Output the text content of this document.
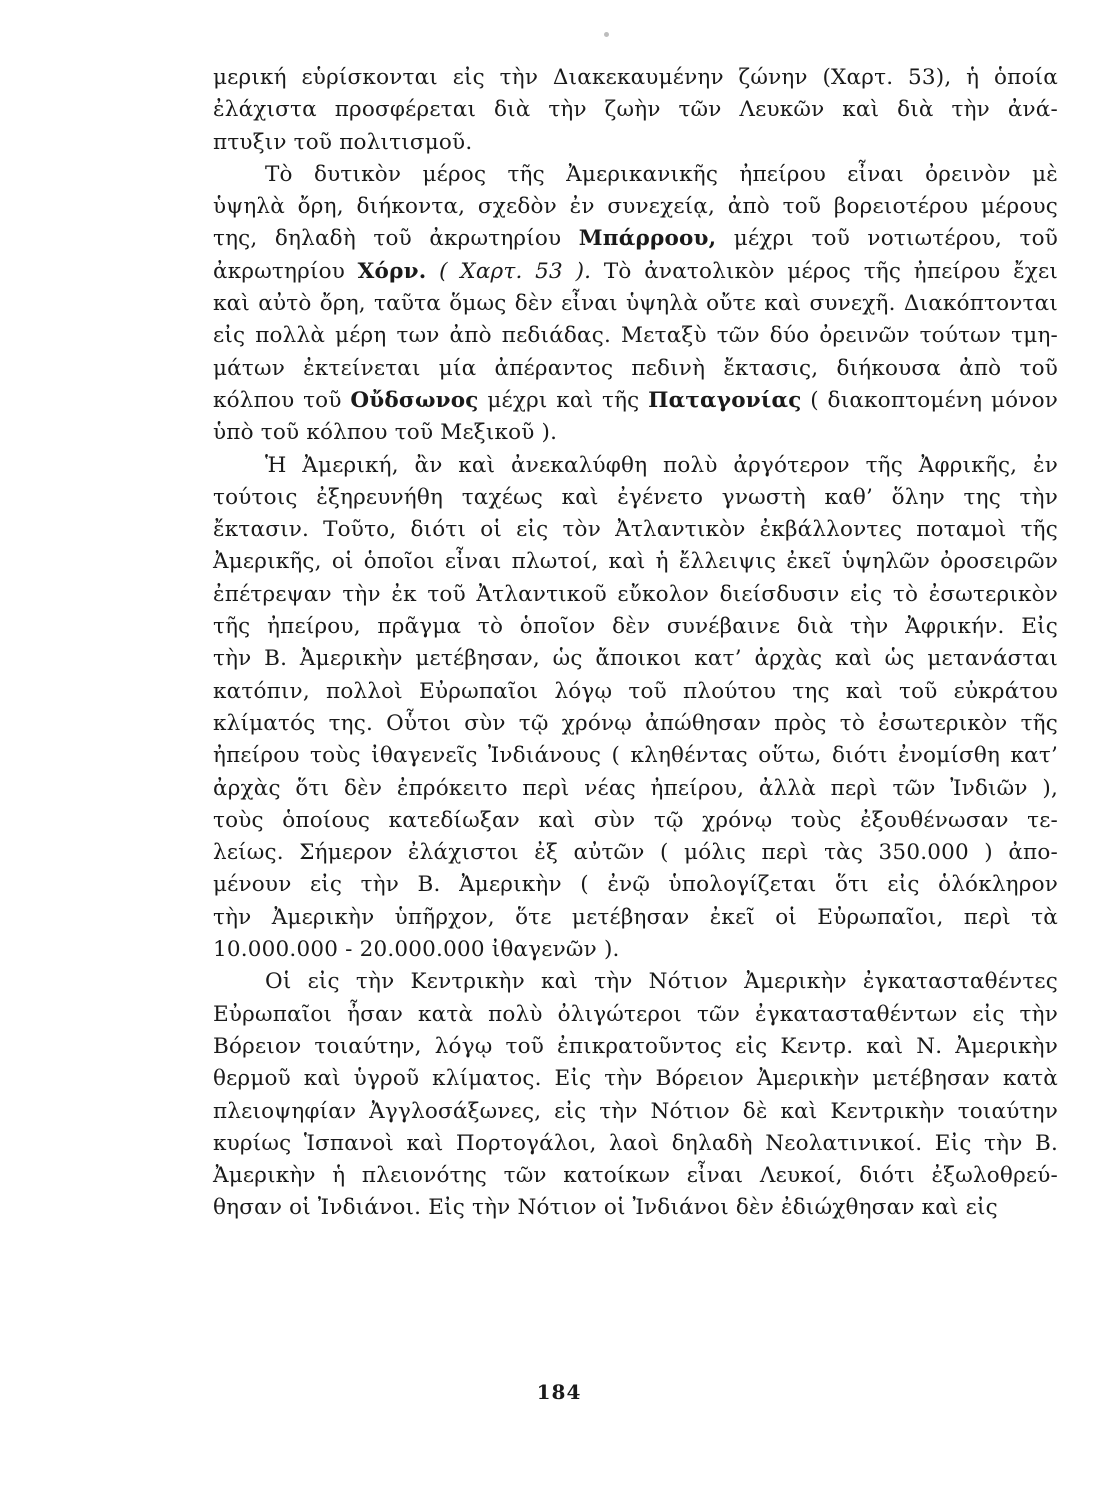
μερική εὑρίσκονται εἰς τὴν Διακεκαυμένην ζώνην (Χαρτ. 53), ἡ ὁποία
ἐλάχιστα προσφέρεται διὰ τὴν ζωὴν τῶν Λευκῶν καὶ διὰ τὴν ἀνά-
πτυξιν τοῦ πολιτισμοῦ.
Τὸ δυτικὸν μέρος τῆς Ἀμερικανικῆς ἠπείρου εἶναι ὀρεινὸν μὲ
ὑψηλὰ ὄρη, διήκοντα, σχεδὸν ἐν συνεχείᾳ, ἀπὸ τοῦ βορειοτέρου μέρους
της, δηλαδὴ τοῦ ἀκρωτηρίου Μπάρροου, μέχρι τοῦ νοτιωτέρου, τοῦ
ἀκρωτηρίου Χόρν. ( Χαρτ. 53 ). Τὸ ἀνατολικὸν μέρος τῆς ἠπείρου ἔχει
καὶ αὐτὸ ὄρη, ταῦτα ὅμως δὲν εἶναι ὑψηλὰ οὔτε καὶ συνεχῆ. Διακόπτονται
εἰς πολλὰ μέρη των ἀπὸ πεδιάδας. Μεταξὺ τῶν δύο ὀρεινῶν τούτων τμη-
μάτων ἐκτείνεται μία ἀπέραντος πεδινὴ ἔκτασις, διήκουσα ἀπὸ τοῦ
κόλπου τοῦ Οὔδσωνος μέχρι καὶ τῆς Παταγονίας ( διακοπτομένη μόνον
ὑπὸ τοῦ κόλπου τοῦ Μεξικοῦ ).
Ἡ Ἀμερική, ἂν καὶ ἀνεκαλύφθη πολὺ ἀργότερον τῆς Ἀφρικῆς, ἐν
τούτοις ἐξηρευνήθη ταχέως καὶ ἐγένετο γνωστὴ καθ’ ὅλην της τὴν
ἔκτασιν. Τοῦτο, διότι οἱ εἰς τὸν Ἀτλαντικὸν ἐκβάλλοντες ποταμοὶ τῆς
Ἀμερικῆς, οἱ ὁποῖοι εἶναι πλωτοί, καὶ ἡ ἔλλειψις ἐκεῖ ὑψηλῶν ὀροσειρῶν
ἐπέτρεψαν τὴν ἐκ τοῦ Ἀτλαντικοῦ εὔκολον διείσδυσιν εἰς τὸ ἐσωτερικὸν
τῆς ἠπείρου, πρᾶγμα τὸ ὁποῖον δὲν συνέβαινε διὰ τὴν Ἀφρικήν. Εἰς
τὴν Β. Ἀμερικὴν μετέβησαν, ὡς ἄποικοι κατ’ ἀρχὰς καὶ ὡς μετανάσται
κατόπιν, πολλοὶ Εὐρωπαῖοι λόγῳ τοῦ πλούτου της καὶ τοῦ εὐκράτου
κλίματός της. Οὗτοι σὺν τῷ χρόνῳ ἀπώθησαν πρὸς τὸ ἐσωτερικὸν τῆς
ἠπείρου τοὺς ἰθαγενεῖς Ἰνδιάνους ( κληθέντας οὕτω, διότι ἐνομίσθη κατ’
ἀρχὰς ὅτι δὲν ἐπρόκειτο περὶ νέας ἠπείρου, ἀλλὰ περὶ τῶν Ἰνδιῶν ),
τοὺς ὁποίους κατεδίωξαν καὶ σὺν τῷ χρόνῳ τοὺς ἐξουθένωσαν τε-
λείως. Σήμερον ἐλάχιστοι ἐξ αὐτῶν ( μόλις περὶ τὰς 350.000 ) ἀπο-
μένουν εἰς τὴν Β. Ἀμερικὴν ( ἐνῷ ὑπολογίζεται ὅτι εἰς ὁλόκληρον
τὴν Ἀμερικὴν ὑπῆρχον, ὅτε μετέβησαν ἐκεῖ οἱ Εὐρωπαῖοι, περὶ τὰ
10.000.000 - 20.000.000 ἰθαγενῶν ).
Οἱ εἰς τὴν Κεντρικὴν καὶ τὴν Νότιον Ἀμερικὴν ἐγκατασταθέντες
Εὐρωπαῖοι ἦσαν κατὰ πολὺ ὀλιγώτεροι τῶν ἐγκατασταθέντων εἰς τὴν
Βόρειον τοιαύτην, λόγῳ τοῦ ἐπικρατοῦντος εἰς Κεντρ. καὶ Ν. Ἀμερικὴν
θερμοῦ καὶ ὑγροῦ κλίματος. Εἰς τὴν Βόρειον Ἀμερικὴν μετέβησαν κατὰ
πλειοψηφίαν Ἀγγλοσάξωνες, εἰς τὴν Νότιον δὲ καὶ Κεντρικὴν τοιαύτην
κυρίως Ἱσπανοὶ καὶ Πορτογάλοι, λαοὶ δηλαδὴ Νεολατινικοί. Εἰς τὴν Β.
Ἀμερικὴν ἡ πλειονότης τῶν κατοίκων εἶναι Λευκοί, διότι ἐξωλοθρεύ-
θησαν οἱ Ἰνδιάνοι. Εἰς τὴν Νότιον οἱ Ἰνδιάνοι δὲν ἐδιώχθησαν καὶ εἰς
184
